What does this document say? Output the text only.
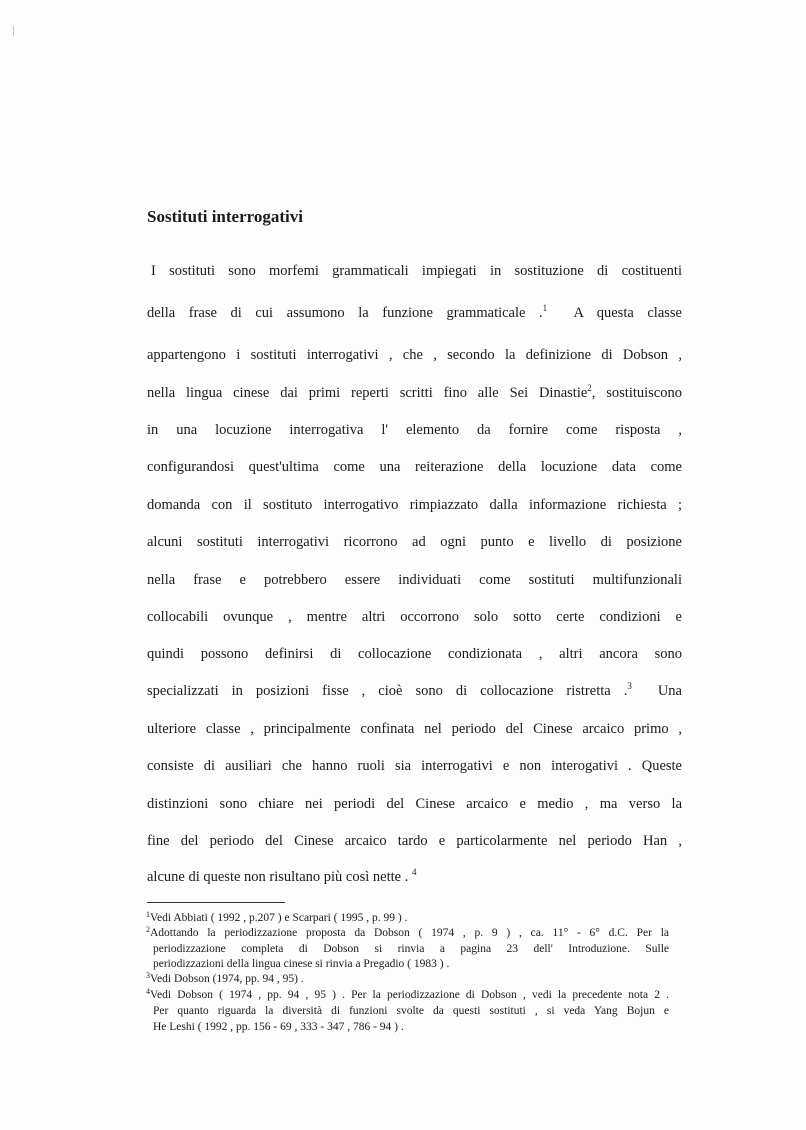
Sostituti interrogativi
I sostituti sono morfemi grammaticali impiegati in sostituzione di costituenti
della frase di cui assumono la funzione grammaticale .$^1$  A questa classe
appartengono i sostituti interrogativi , che , secondo la definizione di Dobson ,
nella lingua cinese dai primi reperti scritti fino alle Sei Dinastie$^2$, sostituiscono
in una locuzione interrogativa l' elemento da fornire come risposta ,
configurandosi quest'ultima come una reiterazione della locuzione data come
domanda con il sostituto interrogativo rimpiazzato dalla informazione richiesta ;
alcuni sostituti interrogativi ricorrono ad ogni punto e livello di posizione
nella frase e potrebbero essere individuati come sostituti multifunzionali
collocabili ovunque , mentre altri occorrono solo sotto certe condizioni e
quindi possono definirsi di collocazione condizionata , altri ancora sono
specializzati in posizioni fisse , cioè sono di collocazione ristretta .$^3$  Una
ulteriore classe , principalmente confinata nel periodo del Cinese arcaico primo ,
consiste di ausiliari che hanno ruoli sia interrogativi e non interogativi . Queste
distinzioni sono chiare nei periodi del Cinese arcaico e medio , ma verso la
fine del periodo del Cinese arcaico tardo e particolarmente nel periodo Han ,
alcune di queste non risultano più così nette . $^4$
$^1$Vedi Abbiati ( 1992 , p.207 ) e Scarpari ( 1995 , p. 99 ) .
$^2$Adottando la periodizzazione proposta da Dobson ( 1974 , p. 9 ) , ca. 11° - 6° d.C. Per la
periodizzazione completa di Dobson si rinvia a pagina 23 dell' Introduzione. Sulle
periodizzazioni della lingua cinese si rinvia a Pregadio ( 1983 ) .
$^3$Vedi Dobson (1974, pp. 94 , 95) .
$^4$Vedi Dobson ( 1974 , pp. 94 , 95 ) . Per la periodizzazione di Dobson , vedi la precedente nota 2 .
Per quanto riguarda la diversità di funzioni svolte da questi sostituti , si veda Yang Bojun e
He Leshi ( 1992 , pp. 156 - 69 , 333 - 347 , 786 - 94 ) .
